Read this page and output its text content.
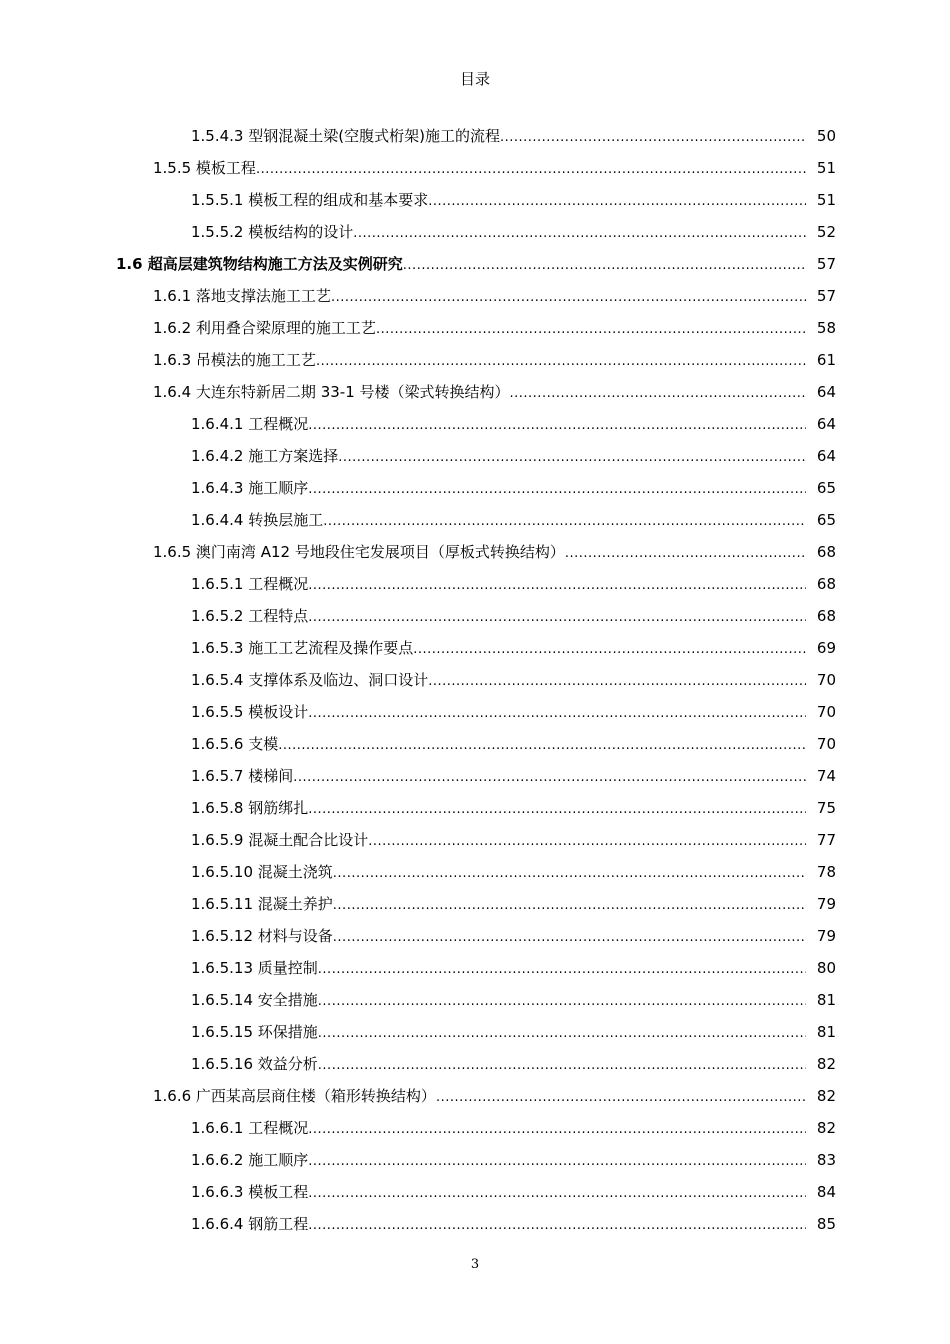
目录
1.5.4.3 型钢混凝土梁(空腹式桁架)施工的流程 .....	50
1.5.5 模板工程 .....	51
1.5.5.1 模板工程的组成和基本要求 .....	51
1.5.5.2 模板结构的设计 .....	52
1.6 超高层建筑物结构施工方法及实例研究 .....	57
1.6.1 落地支撑法施工工艺 .....	57
1.6.2 利用叠合梁原理的施工工艺 .....	58
1.6.3 吊模法的施工工艺 .....	61
1.6.4 大连东特新居二期 33-1 号楼（梁式转换结构） .....	64
1.6.4.1 工程概况 .....	64
1.6.4.2 施工方案选择 .....	64
1.6.4.3 施工顺序 .....	65
1.6.4.4 转换层施工 .....	65
1.6.5 澳门南湾 A12 号地段住宅发展项目（厚板式转换结构） .....	68
1.6.5.1 工程概况 .....	68
1.6.5.2 工程特点 .....	68
1.6.5.3 施工工艺流程及操作要点 .....	69
1.6.5.4 支撑体系及临边、洞口设计 .....	70
1.6.5.5 模板设计 .....	70
1.6.5.6 支模 .....	70
1.6.5.7 楼梯间 .....	74
1.6.5.8 钢筋绑扎 .....	75
1.6.5.9 混凝土配合比设计 .....	77
1.6.5.10 混凝土浇筑 .....	78
1.6.5.11 混凝土养护 .....	79
1.6.5.12 材料与设备 .....	79
1.6.5.13 质量控制 .....	80
1.6.5.14 安全措施 .....	81
1.6.5.15 环保措施 .....	81
1.6.5.16 效益分析 .....	82
1.6.6 广西某高层商住楼（箱形转换结构） .....	82
1.6.6.1 工程概况 .....	82
1.6.6.2 施工顺序 .....	83
1.6.6.3 模板工程 .....	84
1.6.6.4 钢筋工程 .....	85
3
